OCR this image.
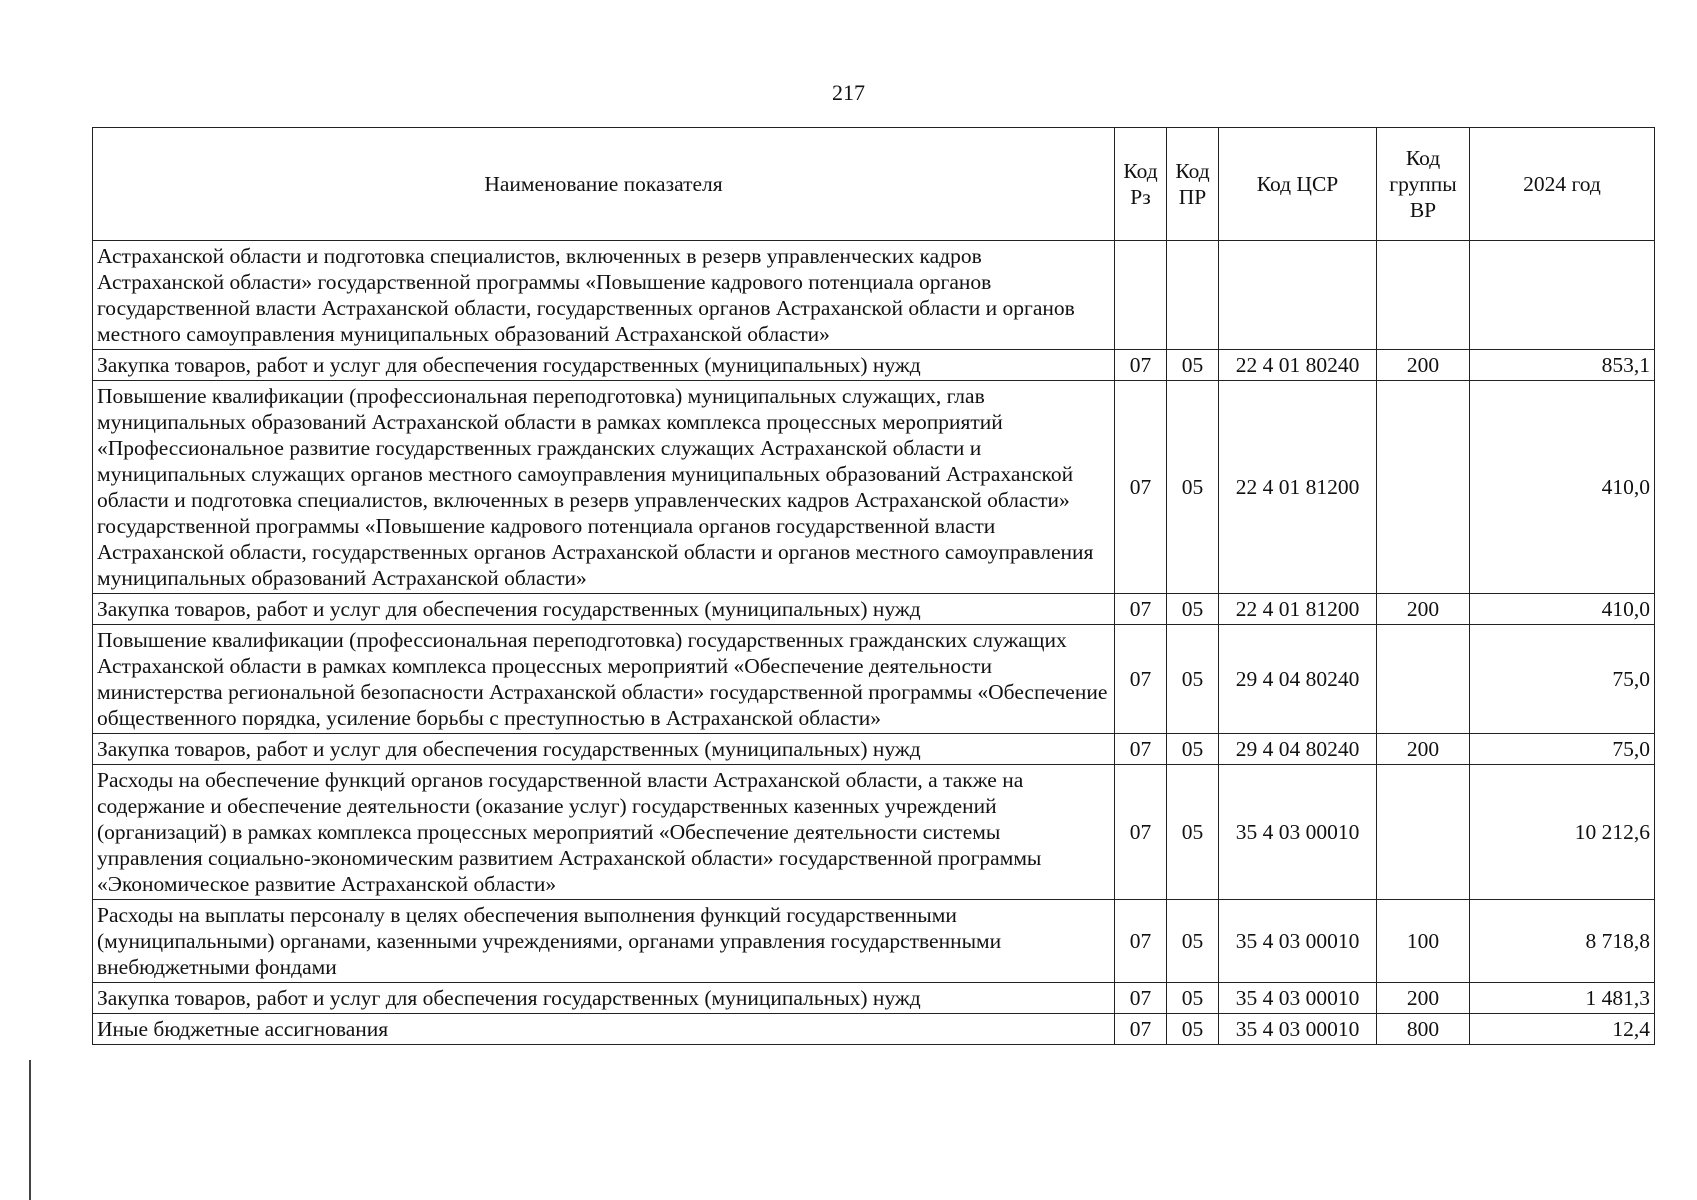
217
Наименование показателя	Код Рз	Код ПР	Код ЦСР	Код группы ВР	2024 год
Астраханской области и подготовка специалистов, включенных в резерв управленческих кадров Астраханской области» государственной программы «Повышение кадрового потенциала органов государственной власти Астраханской области, государственных органов Астраханской области и органов местного самоуправления муниципальных образований Астраханской области»					
Закупка товаров, работ и услуг для обеспечения государственных (муниципальных) нужд	07	05	22 4 01 80240	200	853,1
Повышение квалификации (профессиональная переподготовка) муниципальных служащих, глав муниципальных образований Астраханской области в рамках комплекса процессных мероприятий «Профессиональное развитие государственных гражданских служащих Астраханской области и муниципальных служащих органов местного самоуправления муниципальных образований Астраханской области и подготовка специалистов, включенных в резерв управленческих кадров Астраханской области» государственной программы «Повышение кадрового потенциала органов государственной власти Астраханской области, государственных органов Астраханской области и органов местного самоуправления муниципальных образований Астраханской области»	07	05	22 4 01 81200		410,0
Закупка товаров, работ и услуг для обеспечения государственных (муниципальных) нужд	07	05	22 4 01 81200	200	410,0
Повышение квалификации (профессиональная переподготовка) государственных гражданских служащих Астраханской области в рамках комплекса процессных мероприятий «Обеспечение деятельности министерства региональной безопасности Астраханской области» государственной программы «Обеспечение общественного порядка, усиление борьбы с преступностью в Астраханской области»	07	05	29 4 04 80240		75,0
Закупка товаров, работ и услуг для обеспечения государственных (муниципальных) нужд	07	05	29 4 04 80240	200	75,0
Расходы на обеспечение функций органов государственной власти Астраханской области, а также на содержание и обеспечение деятельности (оказание услуг) государственных казенных учреждений (организаций) в рамках комплекса процессных мероприятий «Обеспечение деятельности системы управления социально-экономическим развитием Астраханской области» государственной программы «Экономическое развитие Астраханской области»	07	05	35 4 03 00010		10 212,6
Расходы на выплаты персоналу в целях обеспечения выполнения функций государственными (муниципальными) органами, казенными учреждениями, органами управления государственными внебюджетными фондами	07	05	35 4 03 00010	100	8 718,8
Закупка товаров, работ и услуг для обеспечения государственных (муниципальных) нужд	07	05	35 4 03 00010	200	1 481,3
Иные бюджетные ассигнования	07	05	35 4 03 00010	800	12,4
